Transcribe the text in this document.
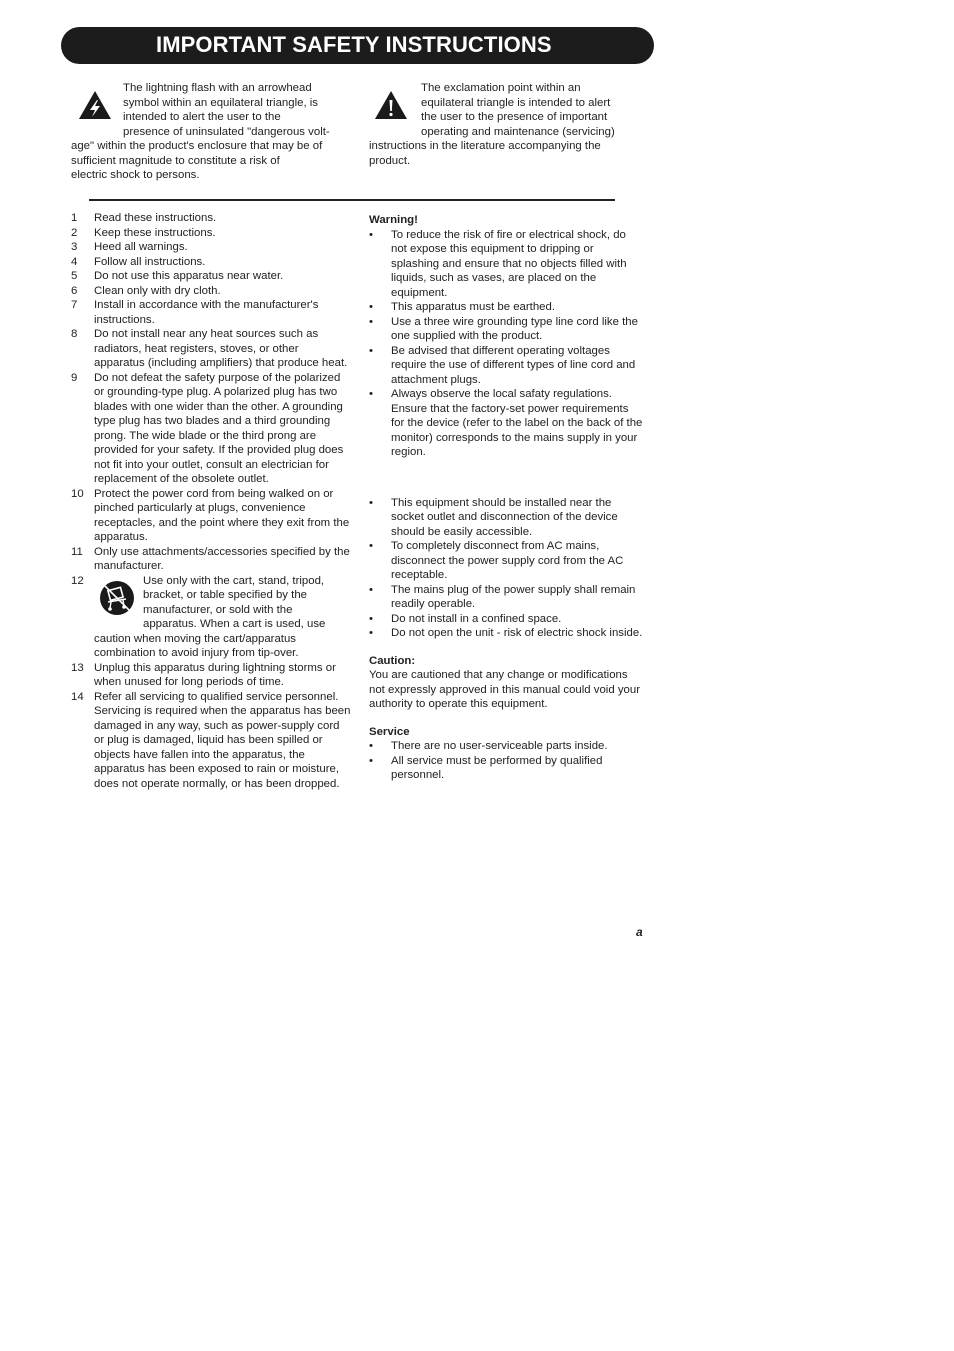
IMPORTANT SAFETY INSTRUCTIONS
The lightning flash with an arrowhead
symbol within an equilateral triangle, is
intended to alert the user to the
presence of uninsulated "dangerous volt-
age" within the product's enclosure that may be of
sufficient magnitude to constitute a risk of
electric shock to persons.
The exclamation point within an
equilateral triangle is intended to alert
the user to the presence of important
operating and maintenance (servicing)
instructions in the literature accompanying the
product.
1 Read these instructions.
2 Keep these instructions.
3 Heed all warnings.
4 Follow all instructions.
5 Do not use this apparatus near water.
6 Clean only with dry cloth.
7 Install in accordance with the manufacturer's instructions.
8 Do not install near any heat sources such as radiators, heat registers, stoves, or other apparatus (including amplifiers) that produce heat.
9 Do not defeat the safety purpose of the polarized or grounding-type plug. A polarized plug has two blades with one wider than the other. A grounding type plug has two blades and a third grounding prong. The wide blade or the third prong are provided for your safety. If the provided plug does not fit into your outlet, consult an electrician for replacement of the obsolete outlet.
10 Protect the power cord from being walked on or pinched particularly at plugs, convenience receptacles, and the point where they exit from the apparatus.
11 Only use attachments/accessories specified by the manufacturer.
12	Use only with the cart, stand, tripod,
bracket, or table specified by the
manufacturer, or sold with the
apparatus. When a cart is used, use
caution when moving the cart/apparatus combination to avoid injury from tip-over.
13 Unplug this apparatus during lightning storms or when unused for long periods of time.
14 Refer all servicing to qualified service personnel. Servicing is required when the apparatus has been damaged in any way, such as power-supply cord or plug is damaged, liquid has been spilled or objects have fallen into the apparatus, the apparatus has been exposed to rain or moisture, does not operate normally, or has been dropped.
Warning!
• To reduce the risk of fire or electrical shock, do not expose this equipment to dripping or splashing and ensure that no objects filled with liquids, such as vases, are placed on the equipment.
• This apparatus must be earthed.
• Use a three wire grounding type line cord like the one supplied with the product.
• Be advised that different operating voltages require the use of different types of line cord and attachment plugs.
• Always observe the local safaty regulations. Ensure that the factory-set power requirements for the device (refer to the label on the back of the monitor) corresponds to the mains supply in your region.
• This equipment should be installed near the socket outlet and disconnection of the device should be easily accessible.
• To completely disconnect from AC mains, disconnect the power supply cord from the AC receptable.
• The mains plug of the power supply shall remain readily operable.
• Do not install in a confined space.
• Do not open the unit - risk of electric shock inside.
Caution:
You are cautioned that any change or modifications not expressly approved in this manual could void your authority to operate this equipment.
Service
• There are no user-serviceable parts inside.
• All service must be performed by qualified personnel.
a
